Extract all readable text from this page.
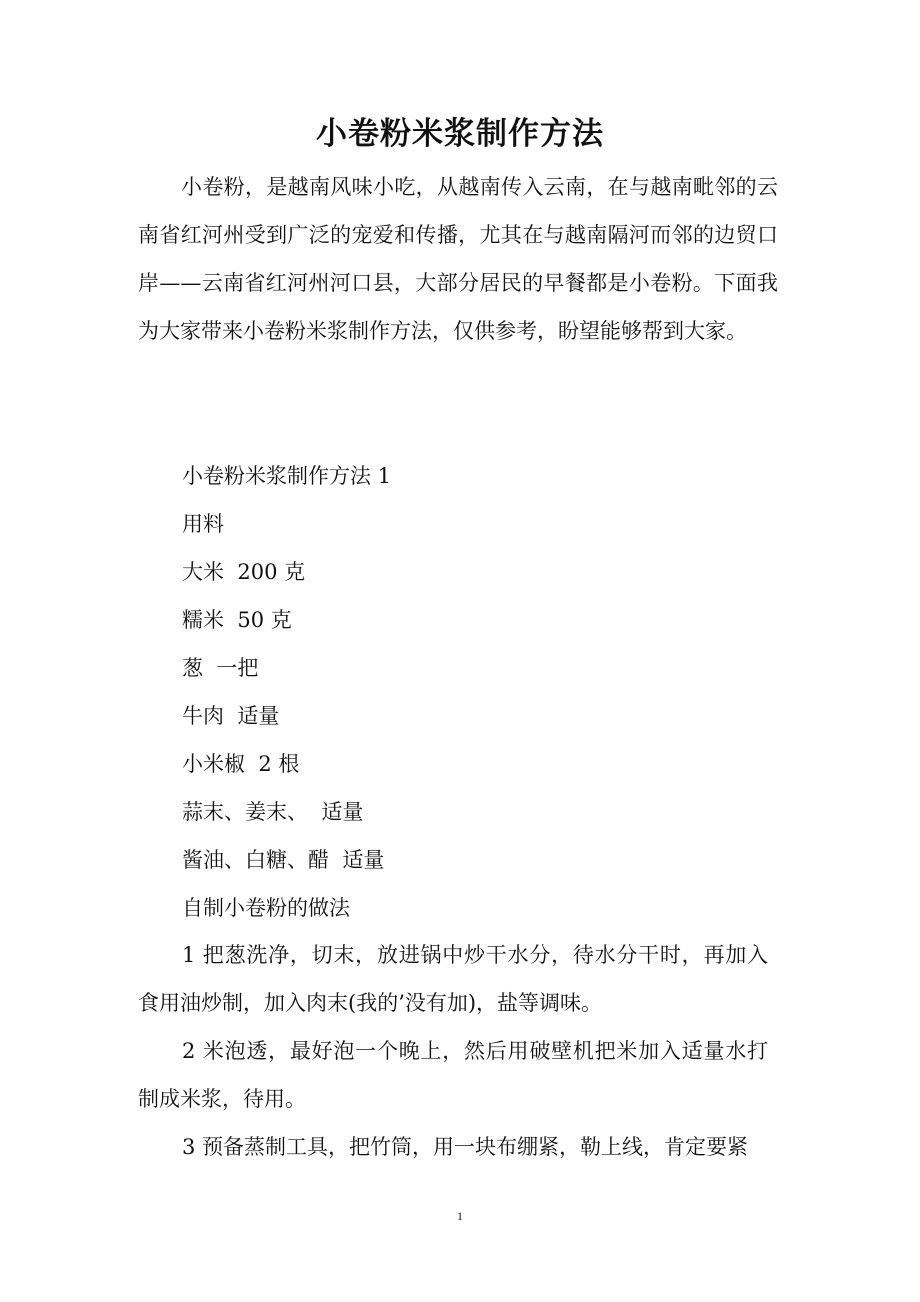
小卷粉米浆制作方法

小卷粉，是越南风味小吃，从越南传入云南，在与越南毗邻的云南省红河州受到广泛的宠爱和传播，尤其在与越南隔河而邻的边贸口岸——云南省红河州河口县，大部分居民的早餐都是小卷粉。下面我为大家带来小卷粉米浆制作方法，仅供参考，盼望能够帮到大家。

小卷粉米浆制作方法 1
用料
大米  200 克
糯米  50 克
葱  一把
牛肉  适量
小米椒  2 根
蒜末、姜末、  适量
酱油、白糖、醋  适量
自制小卷粉的做法

1 把葱洗净，切末，放进锅中炒干水分，待水分干时，再加入食用油炒制，加入肉末(我的’没有加)，盐等调味。

2 米泡透，最好泡一个晚上，然后用破壁机把米加入适量水打制成米浆，待用。

3 预备蒸制工具，把竹筒，用一块布绷紧，勒上线，肯定要紧

1
